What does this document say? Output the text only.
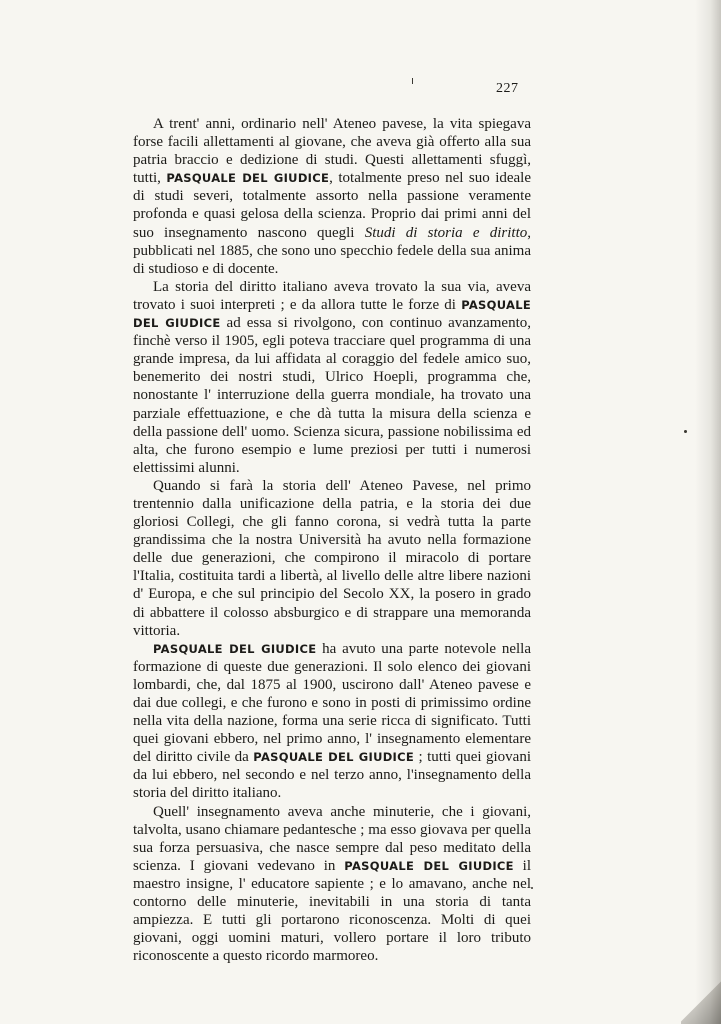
227

A trent' anni, ordinario nell' Ateneo pavese, la vita spiegava forse facili allettamenti al giovane, che aveva già offerto alla sua patria braccio e dedizione di studi. Questi allettamenti sfuggì, tutti, PASQUALE DEL GIUDICE, totalmente preso nel suo ideale di studi severi, totalmente assorto nella passione veramente profonda e quasi gelosa della scienza. Proprio dai primi anni del suo insegnamento nascono quegli Studi di storia e diritto, pubblicati nel 1885, che sono uno specchio fedele della sua anima di studioso e di docente.

La storia del diritto italiano aveva trovato la sua via, aveva trovato i suoi interpreti ; e da allora tutte le forze di PASQUALE DEL GIUDICE ad essa si rivolgono, con continuo avanzamento, finchè verso il 1905, egli poteva tracciare quel programma di una grande impresa, da lui affidata al coraggio del fedele amico suo, benemerito dei nostri studi, Ulrico Hoepli, programma che, nonostante l' interruzione della guerra mondiale, ha trovato una parziale effettuazione, e che dà tutta la misura della scienza e della passione dell' uomo. Scienza sicura, passione nobilissima ed alta, che furono esempio e lume preziosi per tutti i numerosi elettissimi alunni.

Quando si farà la storia dell' Ateneo Pavese, nel primo trentennio dalla unificazione della patria, e la storia dei due gloriosi Collegi, che gli fanno corona, si vedrà tutta la parte grandissima che la nostra Università ha avuto nella formazione delle due generazioni, che compirono il miracolo di portare l'Italia, costituita tardi a libertà, al livello delle altre libere nazioni d' Europa, e che sul principio del Secolo XX, la posero in grado di abbattere il colosso absburgico e di strappare una memoranda vittoria.

PASQUALE DEL GIUDICE ha avuto una parte notevole nella formazione di queste due generazioni. Il solo elenco dei giovani lombardi, che, dal 1875 al 1900, uscirono dall' Ateneo pavese e dai due collegi, e che furono e sono in posti di primissimo ordine nella vita della nazione, forma una serie ricca di significato. Tutti quei giovani ebbero, nel primo anno, l' insegnamento elementare del diritto civile da PASQUALE DEL GIUDICE ; tutti quei giovani da lui ebbero, nel secondo e nel terzo anno, l'insegnamento della storia del diritto italiano.

Quell' insegnamento aveva anche minuterie, che i giovani, talvolta, usano chiamare pedantesche ; ma esso giovava per quella sua forza persuasiva, che nasce sempre dal peso meditato della scienza. I giovani vedevano in PASQUALE DEL GIUDICE il maestro insigne, l' educatore sapiente ; e lo amavano, anche nel contorno delle minuterie, inevitabili in una storia di tanta ampiezza. E tutti gli portarono riconoscenza. Molti di quei giovani, oggi uomini maturi, vollero portare il loro tributo riconoscente a questo ricordo marmoreo.
